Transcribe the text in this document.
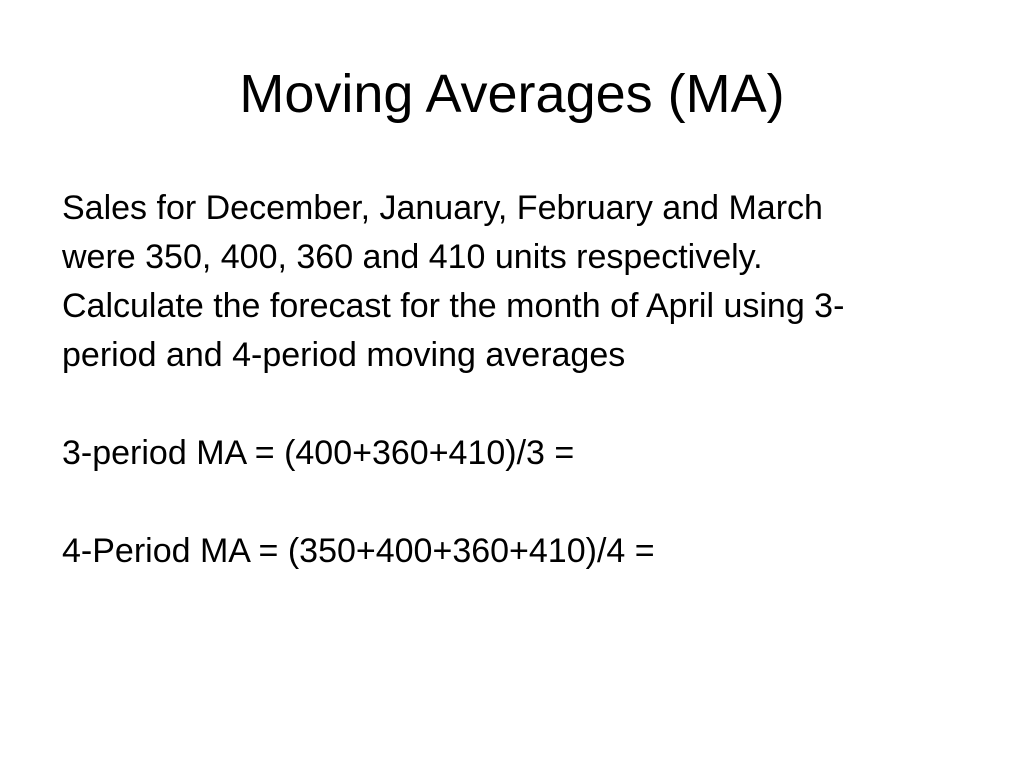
Moving Averages (MA)

Sales for December, January, February and March were 350, 400, 360 and 410 units respectively. Calculate the forecast for the month of April using 3-period and 4-period moving averages

3-period MA = (400+360+410)/3 =

4-Period MA = (350+400+360+410)/4 =
